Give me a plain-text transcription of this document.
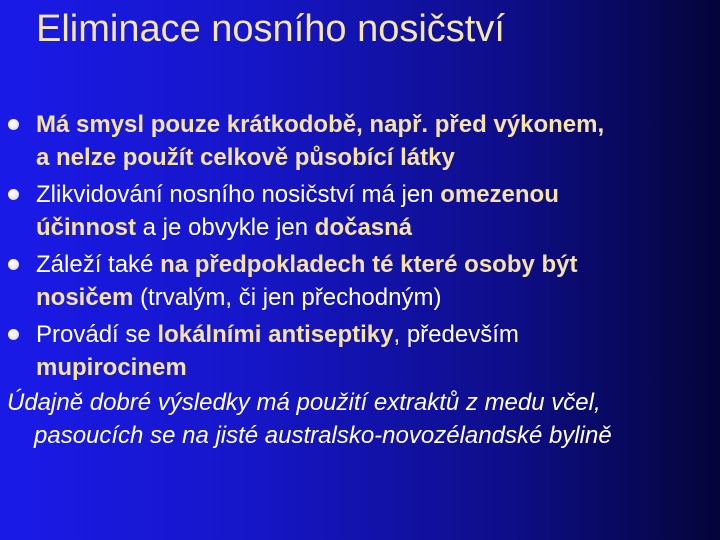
Eliminace nosního nosičství
Má smysl pouze krátkodobě, např. před výkonem,
a nelze použít celkově působící látky
Zlikvidování nosního nosičství má jen omezenou
účinnost a je obvykle jen dočasná
Záleží také na předpokladech té které osoby být
nosičem (trvalým, či jen přechodným)
Provádí se lokálními antiseptiky, především
mupirocinem
Údajně dobré výsledky má použití extraktů z medu včel,
pasoucích se na jisté australsko-novozélandské bylině
